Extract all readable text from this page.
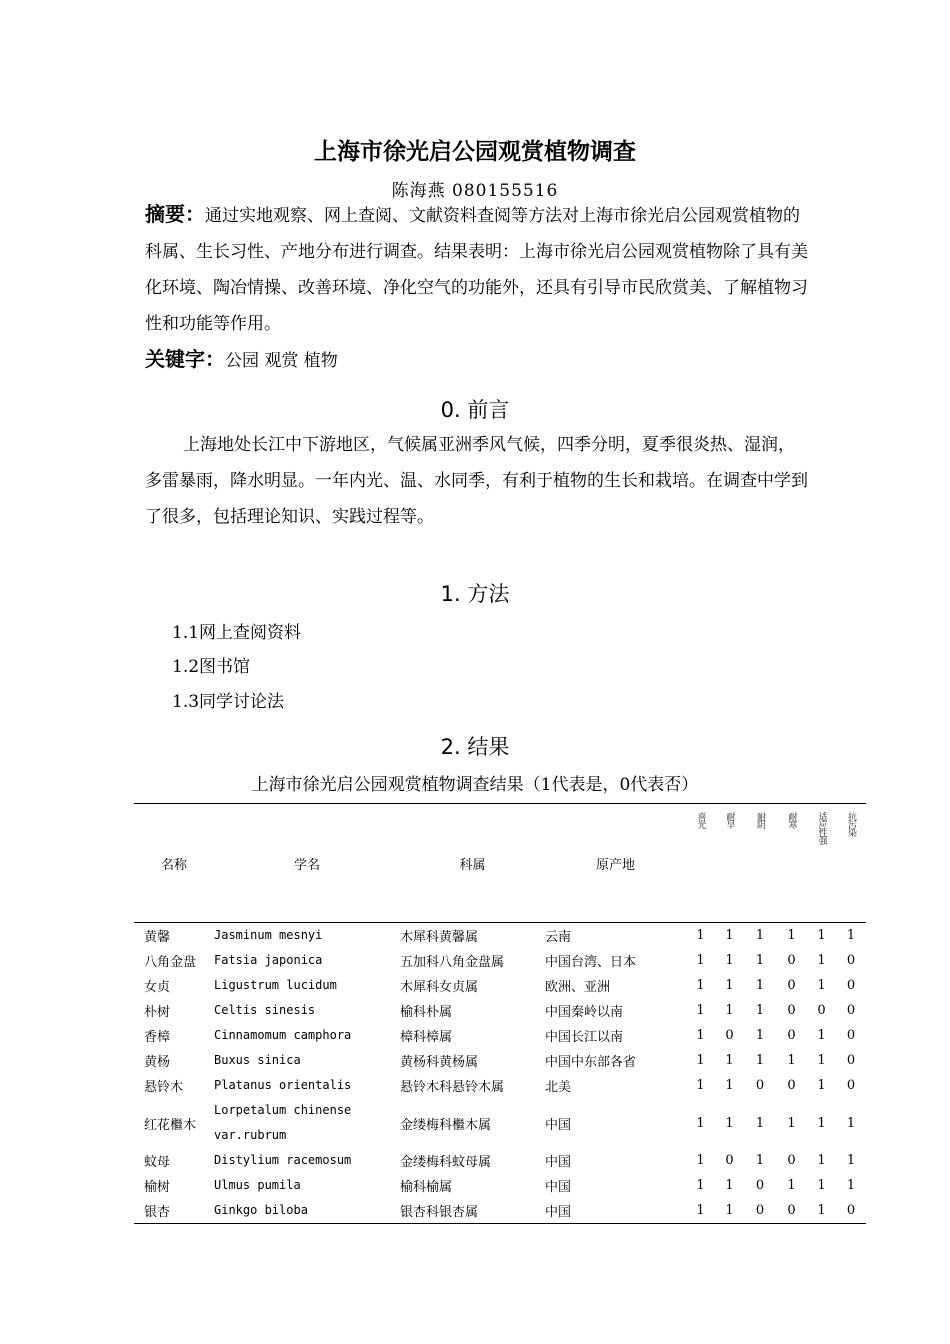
上海市徐光启公园观赏植物调查
陈海燕 080155516
摘要：通过实地观察、网上查阅、文献资料查阅等方法对上海市徐光启公园观赏植物的科属、生长习性、产地分布进行调查。结果表明：上海市徐光启公园观赏植物除了具有美化环境、陶冶情操、改善环境、净化空气的功能外，还具有引导市民欣赏美、了解植物习性和功能等作用。
关键字：公园 观赏 植物
0. 前言
上海地处长江中下游地区，气候属亚洲季风气候，四季分明，夏季很炎热、湿润，多雷暴雨，降水明显。一年内光、温、水同季，有利于植物的生长和栽培。在调查中学到了很多，包括理论知识、实践过程等。
1. 方法
1.1网上查阅资料
1.2图书馆
1.3同学讨论法
2. 结果
上海市徐光启公园观赏植物调查结果（1代表是，0代表否）
名称	学名	科属	原产地	喜光	耐旱	耐阴	耐寒	适应性强	抗污染
黄馨	Jasminum mesnyi	木犀科黄馨属	云南	1	1	1	1	1	1
八角金盘	Fatsia japonica	五加科八角金盘属	中国台湾、日本	1	1	1	0	1	0
女贞	Ligustrum lucidum	木犀科女贞属	欧洲、亚洲	1	1	1	0	1	0
朴树	Celtis sinesis	榆科朴属	中国秦岭以南	1	1	1	0	0	0
香樟	Cinnamomum camphora	樟科樟属	中国长江以南	1	0	1	0	1	0
黄杨	Buxus sinica	黄杨科黄杨属	中国中东部各省	1	1	1	1	1	0
悬铃木	Platanus orientalis	悬铃木科悬铃木属	北美	1	1	0	0	1	0
红花檵木	Lorpetalum chinense var.rubrum	金缕梅科檵木属	中国	1	1	1	1	1	1
蚊母	Distylium racemosum	金缕梅科蚊母属	中国	1	0	1	0	1	1
榆树	Ulmus pumila	榆科榆属	中国	1	1	0	1	1	1
银杏	Ginkgo biloba	银杏科银杏属	中国	1	1	0	0	1	0
